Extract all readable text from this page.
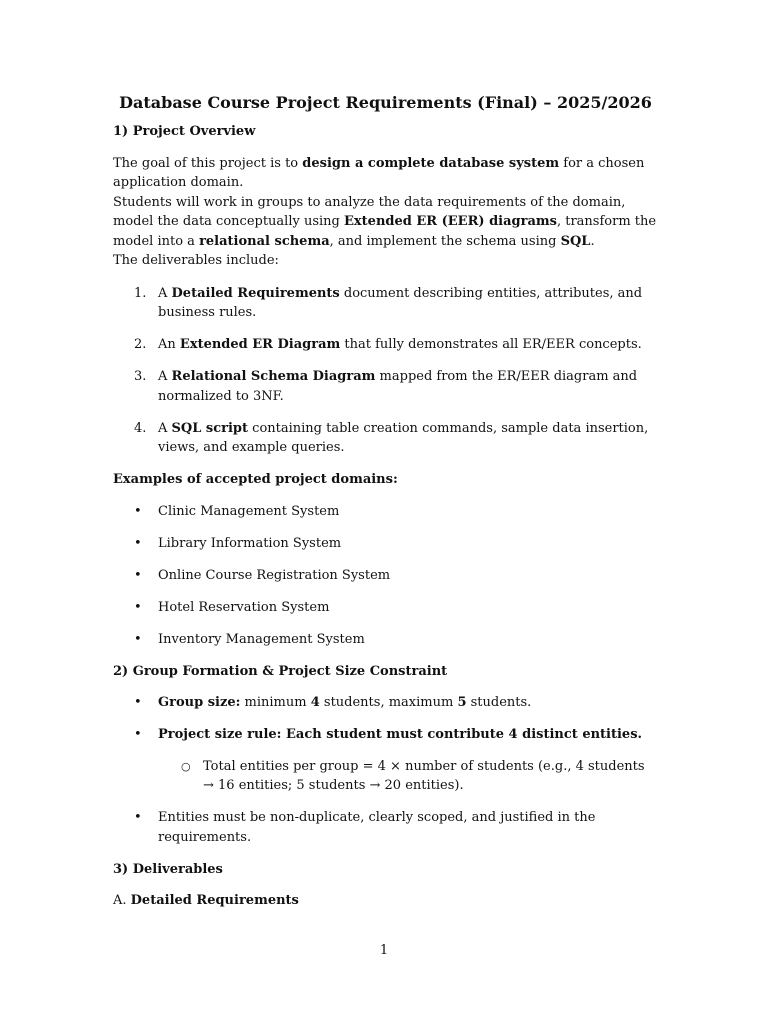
Database Course Project Requirements (Final) – 2025/2026
1) Project Overview
The goal of this project is to design a complete database system for a chosen application domain.
Students will work in groups to analyze the data requirements of the domain, model the data conceptually using Extended ER (EER) diagrams, transform the model into a relational schema, and implement the schema using SQL.
The deliverables include:
1. A Detailed Requirements document describing entities, attributes, and business rules.
2. An Extended ER Diagram that fully demonstrates all ER/EER concepts.
3. A Relational Schema Diagram mapped from the ER/EER diagram and normalized to 3NF.
4. A SQL script containing table creation commands, sample data insertion, views, and example queries.
Examples of accepted project domains:
• Clinic Management System
• Library Information System
• Online Course Registration System
• Hotel Reservation System
• Inventory Management System
2) Group Formation & Project Size Constraint
• Group size: minimum 4 students, maximum 5 students.
• Project size rule: Each student must contribute 4 distinct entities.
○ Total entities per group = 4 × number of students (e.g., 4 students → 16 entities; 5 students → 20 entities).
• Entities must be non-duplicate, clearly scoped, and justified in the requirements.
3) Deliverables
A. Detailed Requirements
1
